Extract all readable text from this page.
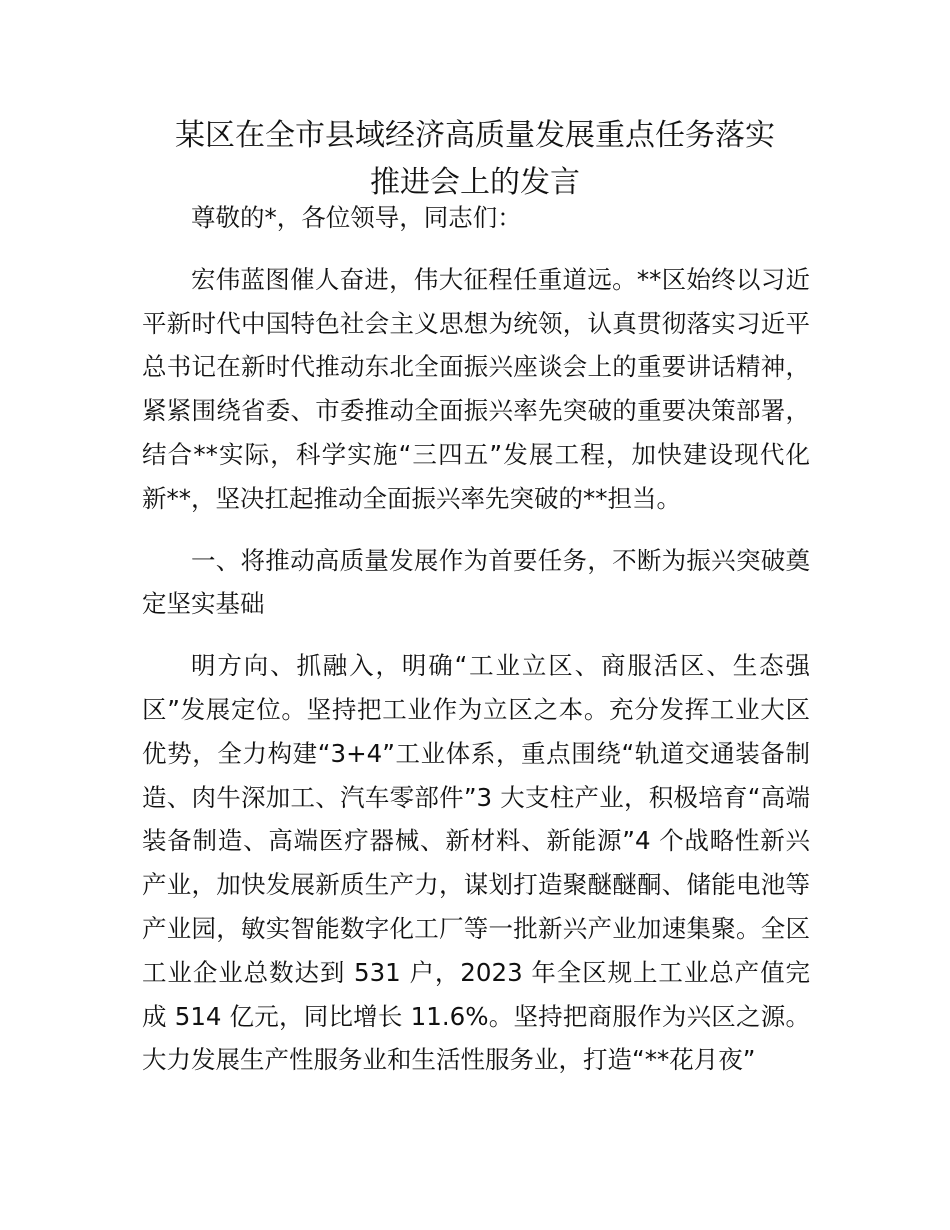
某区在全市县域经济高质量发展重点任务落实
推进会上的发言

尊敬的*，各位领导，同志们：

宏伟蓝图催人奋进，伟大征程任重道远。**区始终以习近
平新时代中国特色社会主义思想为统领，认真贯彻落实习近平
总书记在新时代推动东北全面振兴座谈会上的重要讲话精神，
紧紧围绕省委、市委推动全面振兴率先突破的重要决策部署，
结合**实际，科学实施“三四五”发展工程，加快建设现代化
新**，坚决扛起推动全面振兴率先突破的**担当。

一、将推动高质量发展作为首要任务，不断为振兴突破奠
定坚实基础

明方向、抓融入，明确“工业立区、商服活区、生态强
区”发展定位。坚持把工业作为立区之本。充分发挥工业大区
优势，全力构建“3+4”工业体系，重点围绕“轨道交通装备制
造、肉牛深加工、汽车零部件”3 大支柱产业，积极培育“高端
装备制造、高端医疗器械、新材料、新能源”4 个战略性新兴
产业，加快发展新质生产力，谋划打造聚醚醚酮、储能电池等
产业园，敏实智能数字化工厂等一批新兴产业加速集聚。全区
工业企业总数达到 531 户，2023 年全区规上工业总产值完
成 514 亿元，同比增长 11.6%。坚持把商服作为兴区之源。
大力发展生产性服务业和生活性服务业，打造“**花月夜”
